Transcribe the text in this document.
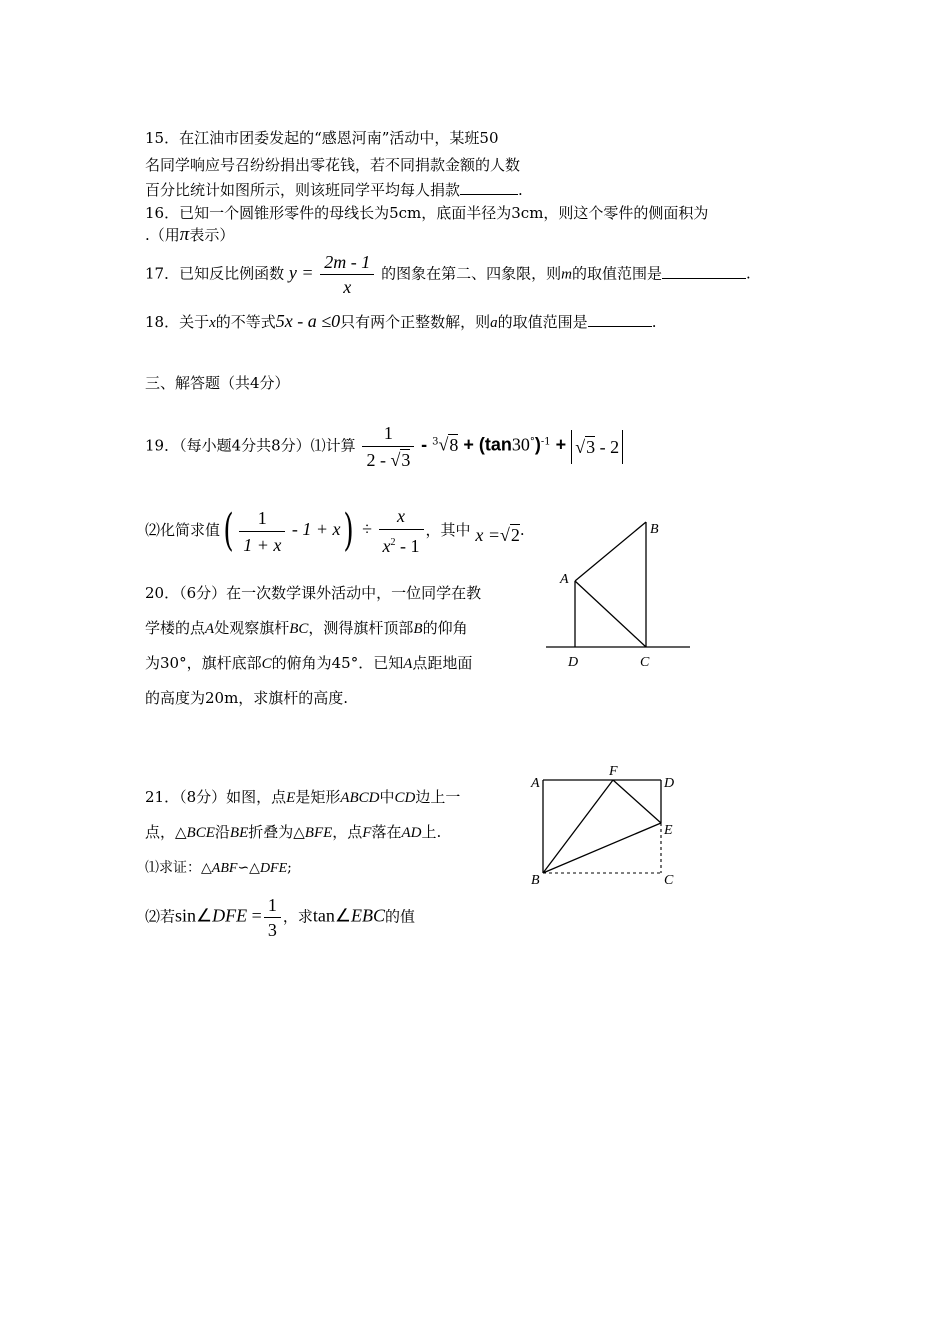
15．在江油市团委发起的“感恩河南”活动中，某班50
名同学响应号召纷纷捐出零花钱，若不同捐款金额的人数
百分比统计如图所示，则该班同学平均每人捐款	.
16．已知一个圆锥形零件的母线长为5cm，底面半径为3cm，则这个零件的侧面积为
.（用π表示）
17．已知反比例函数 $y = \frac{2m - 1}{x}$ 的图象在第二、四象限，则m的取值范围是	.
18．关于x的不等式5x - a ≤0只有两个正整数解，则a的取值范围是	.
三、解答题（共4分）
19．（每小题4分共8分）⑴计算 $\frac{1}{2 - √3} - ^3√8 + (\tan 30^\circ)^{-1} + √3 - 2$
⑵化简求值( $\frac{1}{1 + x} - 1 + x) \div \frac{x}{x^2 - 1}$ ，其中 x =√2.
20．（6分）在一次数学课外活动中，一位同学在教
学楼的点A处观察旗杆BC，测得旗杆顶部B的仰角
为30°，旗杆底部C的俯角为45°．已知A点距地面
的高度为20m，求旗杆的高度.
A
B
C
D
21．（8分）如图，点E是矩形ABCD中CD边上一
点，△BCE沿BE折叠为△BFE，点F落在AD上.
⑴求证：△ABF∽△DFE;
⑵若sin∠DFE = $\frac{1}{3}$ ，求tan∠EBC的值
A
F
D
E
B	C
